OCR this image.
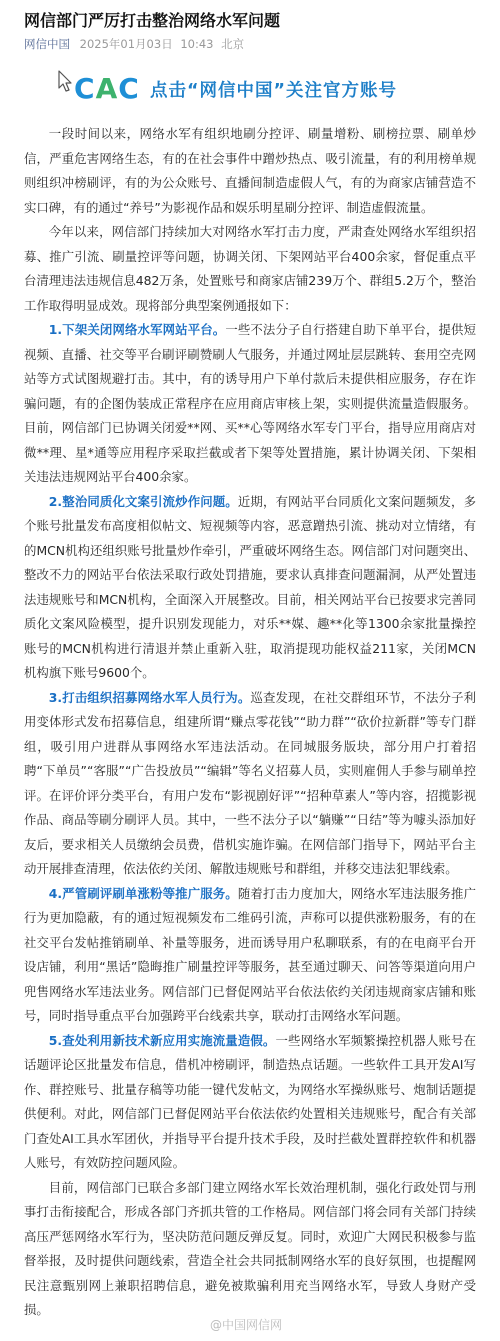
网信部门严厉打击整治网络水军问题
网信中国 2025年01月03日 10:43 北京
CAC 点击“网信中国”关注官方账号

一段时间以来，网络水军有组织地刷分控评、刷量增粉、刷榜拉票、刷单炒信，严重危害网络生态，有的在社会事件中蹭炒热点、吸引流量，有的利用榜单规则组织冲榜刷评，有的为公众账号、直播间制造虚假人气，有的为商家店铺营造不实口碑，有的通过“养号”为影视作品和娱乐明星刷分控评、制造虚假流量。

今年以来，网信部门持续加大对网络水军打击力度，严肃查处网络水军组织招募、推广引流、刷量控评等问题，协调关闭、下架网站平台400余家，督促重点平台清理违法违规信息482万条，处置账号和商家店铺239万个、群组5.2万个，整治工作取得明显成效。现将部分典型案例通报如下：

1.下架关闭网络水军网站平台。一些不法分子自行搭建自助下单平台，提供短视频、直播、社交等平台刷评刷赞刷人气服务，并通过网址层层跳转、套用空壳网站等方式试图规避打击。其中，有的诱导用户下单付款后未提供相应服务，存在诈骗问题，有的企图伪装成正常程序在应用商店审核上架，实则提供流量造假服务。目前，网信部门已协调关闭爱**网、买**心等网络水军专门平台，指导应用商店对微**理、星*通等应用程序采取拦截或者下架等处置措施，累计协调关闭、下架相关违法违规网站平台400余家。

2.整治同质化文案引流炒作问题。近期，有网站平台同质化文案问题频发，多个账号批量发布高度相似帖文、短视频等内容，恶意蹭热引流、挑动对立情绪，有的MCN机构还组织账号批量炒作牵引，严重破坏网络生态。网信部门对问题突出、整改不力的网站平台依法采取行政处罚措施，要求认真排查问题漏洞，从严处置违法违规账号和MCN机构，全面深入开展整改。目前，相关网站平台已按要求完善同质化文案风险模型，提升识别发现能力，对乐**媒、趣**化等1300余家批量操控账号的MCN机构进行清退并禁止重新入驻，取消提现功能权益211家，关闭MCN机构旗下账号9600个。

3.打击组织招募网络水军人员行为。巡查发现，在社交群组环节，不法分子利用变体形式发布招募信息，组建所谓“赚点零花钱”“助力群”“砍价拉新群”等专门群组，吸引用户进群从事网络水军违法活动。在同城服务版块，部分用户打着招聘“下单员”“客服”“广告投放员”“编辑”等名义招募人员，实则雇佣人手参与刷单控评。在评价评分类平台，有用户发布“影视剧好评”“招种草素人”等内容，招揽影视作品、商品等刷分刷评人员。其中，一些不法分子以“躺赚”“日结”等为噱头添加好友后，要求相关人员缴纳会员费，借机实施诈骗。在网信部门指导下，网站平台主动开展排查清理，依法依约关闭、解散违规账号和群组，并移交违法犯罪线索。

4.严管刷评刷单涨粉等推广服务。随着打击力度加大，网络水军违法服务推广行为更加隐蔽，有的通过短视频发布二维码引流，声称可以提供涨粉服务，有的在社交平台发帖推销刷单、补量等服务，进而诱导用户私聊联系，有的在电商平台开设店铺，利用“黑话”隐晦推广刷量控评等服务，甚至通过聊天、问答等渠道向用户兜售网络水军违法业务。网信部门已督促网站平台依法依约关闭违规商家店铺和账号，同时指导重点平台加强跨平台线索共享，联动打击网络水军问题。

5.查处利用新技术新应用实施流量造假。一些网络水军频繁操控机器人账号在话题评论区批量发布信息，借机冲榜刷评，制造热点话题。一些软件工具开发AI写作、群控账号、批量存稿等功能一键代发帖文，为网络水军操纵账号、炮制话题提供便利。对此，网信部门已督促网站平台依法依约处置相关违规账号，配合有关部门查处AI工具水军团伙，并指导平台提升技术手段，及时拦截处置群控软件和机器人账号，有效防控问题风险。

目前，网信部门已联合多部门建立网络水军长效治理机制，强化行政处罚与刑事打击衔接配合，形成各部门齐抓共管的工作格局。网信部门将会同有关部门持续高压严惩网络水军行为，坚决防范问题反弹反复。同时，欢迎广大网民积极参与监督举报，及时提供问题线索，营造全社会共同抵制网络水军的良好氛围，也提醒网民注意甄别网上兼职招聘信息，避免被欺骗利用充当网络水军，导致人身财产受损。

@中国网信网
